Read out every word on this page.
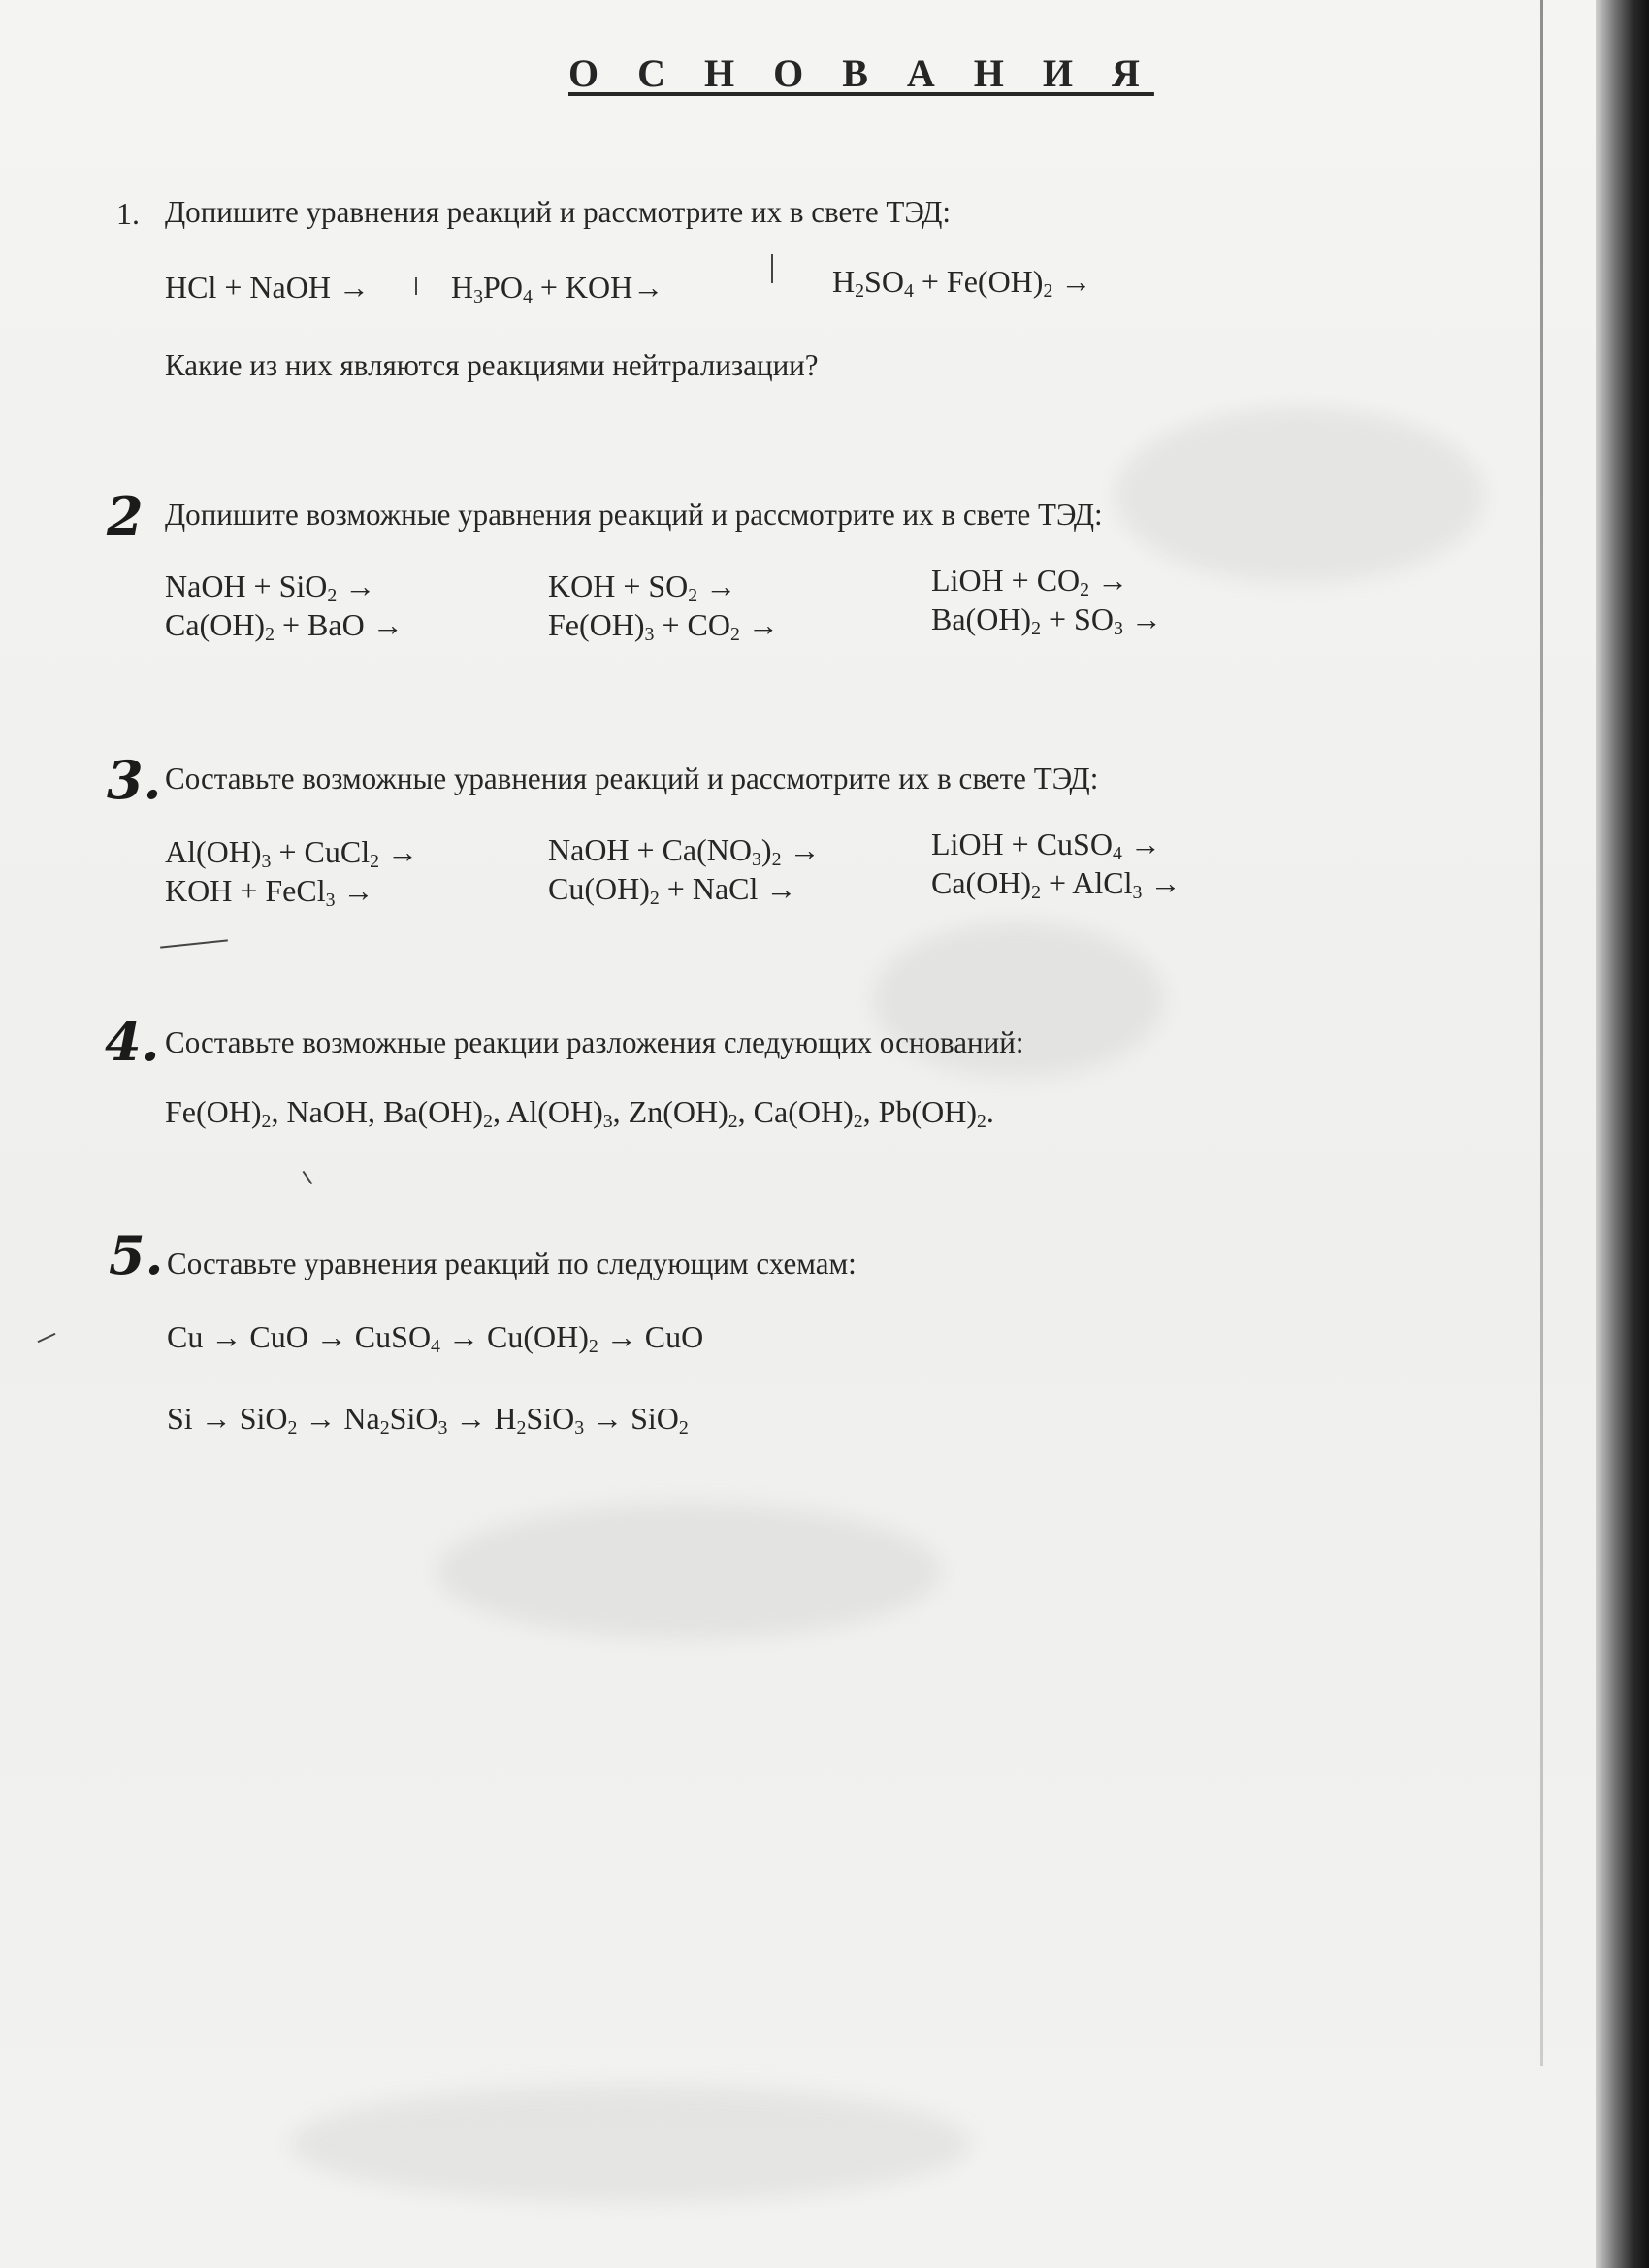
О С Н О В А Н И Я
1. Допишите уравнения реакций и рассмотрите их в свете ТЭД:
HCl + NaOH →	$H_3PO_4 + KOH\to$	$H_2SO_4 + Fe(OH)_2$ →
Какие из них являются реакциями нейтрализации?
2 Допишите возможные уравнения реакций и рассмотрите их в свете ТЭД:
NaOH + SiO$_2$ →	KOH + $SO_2$ →	LiOH + $CO_2$ →
$Ca(OH)_2$ + BaO →	$Fe(OH)_3 + CO_2$ →	$Ba(OH)_2 + SO_3$ →
3. Составьте возможные уравнения реакций и рассмотрите их в свете ТЭД:
$Al(OH)_3$ + CuCl$_2$ →	NaOH + $Ca(NO_3)_2$ →	LiOH + CuSO$_4$ →
KOH + FeCl$_3$ →	$Cu(OH)_2$ + NaCl →	$Ca(OH)_2$ + AlCl$_3$ →
4. Составьте возможные реакции разложения следующих оснований:
$Fe(OH)_2$, NaOH, $Ba(OH)_2$, $Al(OH)_3$, $Zn(OH)_2$, $Ca(OH)_2$, $Pb(OH)_2$.
5. Составьте уравнения реакций по следующим схемам:
Cu → CuO → CuSO$_4$ → $Cu(OH)_2$ → CuO
$Si \to SiO_2 \to Na_2SiO_3 \to H_2SiO_3 \to SiO_2$
